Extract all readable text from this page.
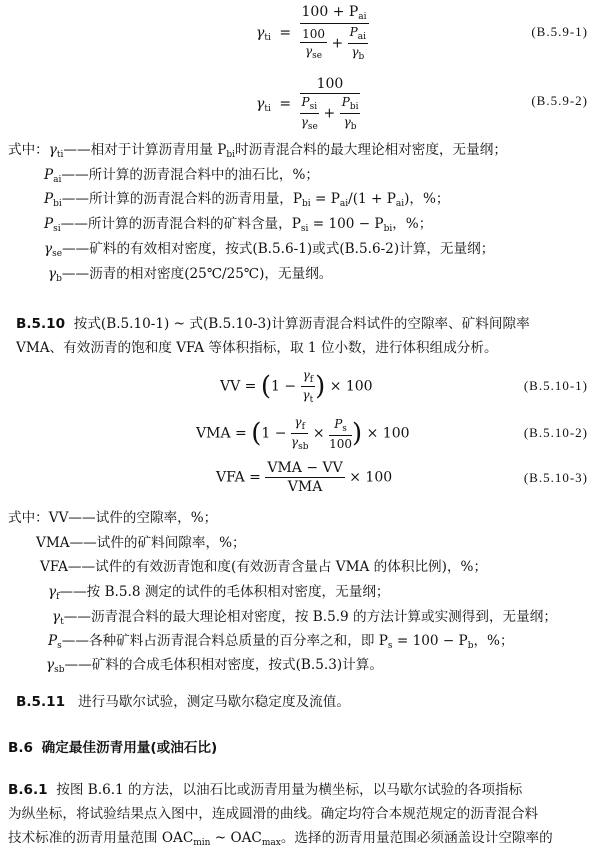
$\gamma_{ti} = \frac{100 + P_{ai}}{\frac{100}{\gamma_{se}} + \frac{P_{ai}}{\gamma_b}}$	(B.5.9-1)
$\gamma_{ti} = \frac{100}{\frac{P_{si}}{\gamma_{se}} + \frac{P_{bi}}{\gamma_b}}$	(B.5.9-2)
式中：$\gamma_{ti}——$相对于计算沥青用量 $P_{bi}$时沥青混合料的最大理论相对密度，无量纲；
$P_{ai}——$所计算的沥青混合料中的油石比，%；
$P_{bi}——$所计算的沥青混合料的沥青用量，$P_{bi} = P_{ai}/(1 + P_{ai})$，%；
$P_{si}——$所计算的沥青混合料的矿料含量，$P_{si} = 100 - P_{bi}$，%；
$\gamma_{se}——$矿料的有效相对密度，按式(B.5.6-1)或式(B.5.6-2)计算，无量纲；
$\gamma_b——$沥青的相对密度(25℃/25℃)，无量纲。
B.5.10 按式(B.5.10-1) ~ 式(B.5.10-3)计算沥青混合料试件的空隙率、矿料间隙率
VMA、有效沥青的饱和度 VFA 等体积指标，取 1 位小数，进行体积组成分析。
VV = ($1 - \frac{\gamma_f}{\gamma_t}$ ) × 100	(B.5.10-1)
VMA = ($1 - \frac{\gamma_f}{\gamma_{sb}} \times \frac{P_s}{100}$ ) × 100	(B.5.10-2)
VFA = $\frac{\text{VMA − VV}}{\text{VMA}} \times 100$	(B.5.10-3)
式中：VV——试件的空隙率，%；
VMA——试件的矿料间隙率，%；
VFA——试件的有效沥青饱和度(有效沥青含量占 VMA 的体积比例)，%；
$\gamma_f——$按 B.5.8 测定的试件的毛体积相对密度，无量纲；
$\gamma_t——$沥青混合料的最大理论相对密度，按 B.5.9 的方法计算或实测得到，无量纲；
$P_s——$各种矿料占沥青混合料总质量的百分率之和，即 $P_s = 100 - P_b$，%；
$\gamma_{sb}——$矿料的合成毛体积相对密度，按式(B.5.3)计算。
B.5.11 进行马歇尔试验，测定马歇尔稳定度及流值。
B.6 确定最佳沥青用量(或油石比)
B.6.1 按图 B.6.1 的方法，以油石比或沥青用量为横坐标，以马歇尔试验的各项指标
为纵坐标，将试验结果点入图中，连成圆滑的曲线。确定均符合本规范规定的沥青混合料
技术标准的沥青用量范围 $OAC_{min}$ ~ $OAC_{max}$。选择的沥青用量范围必须涵盖设计空隙率的
